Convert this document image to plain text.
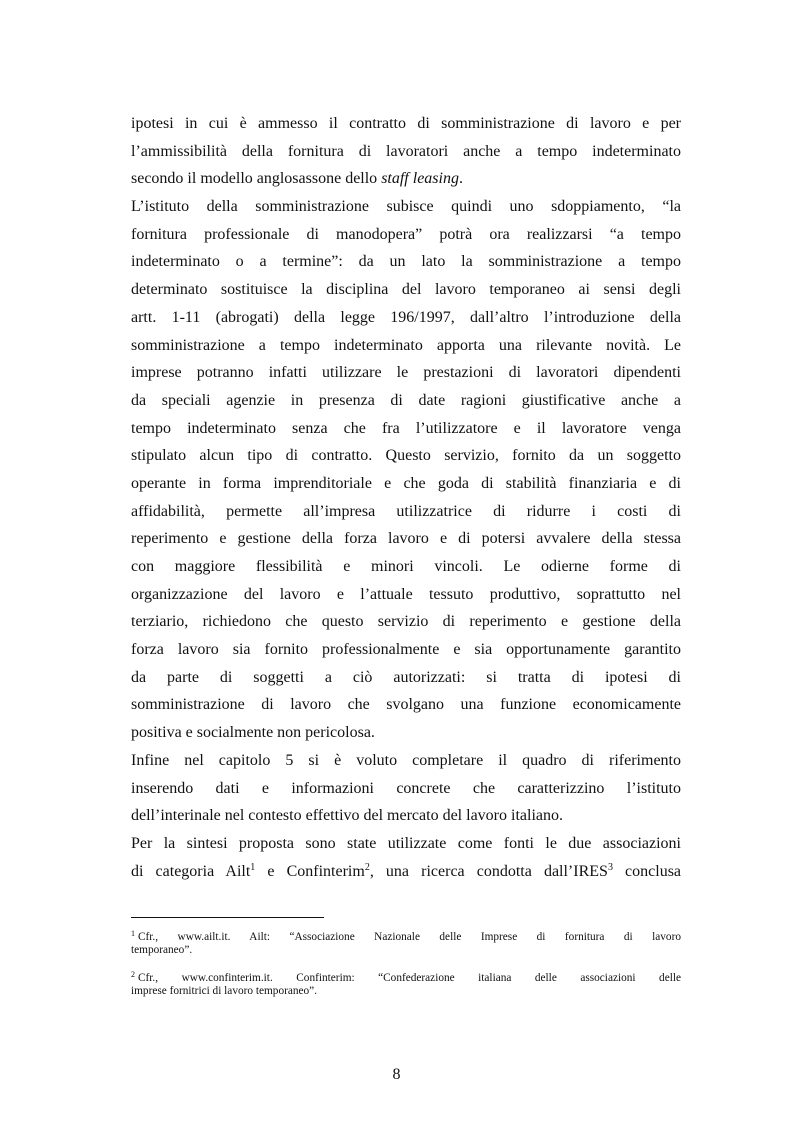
ipotesi in cui è ammesso il contratto di somministrazione di lavoro e per
l’ammissibilità della fornitura di lavoratori anche a tempo indeterminato
secondo il modello anglosassone dello staff leasing.
L’istituto della somministrazione subisce quindi uno sdoppiamento, “la
fornitura professionale di manodopera” potrà ora realizzarsi “a tempo
indeterminato o a termine”: da un lato la somministrazione a tempo
determinato sostituisce la disciplina del lavoro temporaneo ai sensi degli
artt. 1-11 (abrogati) della legge 196/1997, dall’altro l’introduzione della
somministrazione a tempo indeterminato apporta una rilevante novità. Le
imprese potranno infatti utilizzare le prestazioni di lavoratori dipendenti
da speciali agenzie in presenza di date ragioni giustificative anche a
tempo indeterminato senza che fra l’utilizzatore e il lavoratore venga
stipulato alcun tipo di contratto. Questo servizio, fornito da un soggetto
operante in forma imprenditoriale e che goda di stabilità finanziaria e di
affidabilità, permette all’impresa utilizzatrice di ridurre i costi di
reperimento e gestione della forza lavoro e di potersi avvalere della stessa
con maggiore flessibilità e minori vincoli. Le odierne forme di
organizzazione del lavoro e l’attuale tessuto produttivo, soprattutto nel
terziario, richiedono che questo servizio di reperimento e gestione della
forza lavoro sia fornito professionalmente e sia opportunamente garantito
da parte di soggetti a ciò autorizzati: si tratta di ipotesi di
somministrazione di lavoro che svolgano una funzione economicamente
positiva e socialmente non pericolosa.
Infine nel capitolo 5 si è voluto completare il quadro di riferimento
inserendo dati e informazioni concrete che caratterizzino l’istituto
dell’interinale nel contesto effettivo del mercato del lavoro italiano.
Per la sintesi proposta sono state utilizzate come fonti le due associazioni
di categoria Ailt$^1$ e Confinterim$^2$, una ricerca condotta dall’IRES$^3$ conclusa
$^1$ Cfr., www.ailt.it. Ailt: “Associazione Nazionale delle Imprese di fornitura di lavoro
temporaneo”.
$^2$ Cfr., www.confinterim.it. Confinterim: “Confederazione italiana delle associazioni delle
imprese fornitrici di lavoro temporaneo”.
8
